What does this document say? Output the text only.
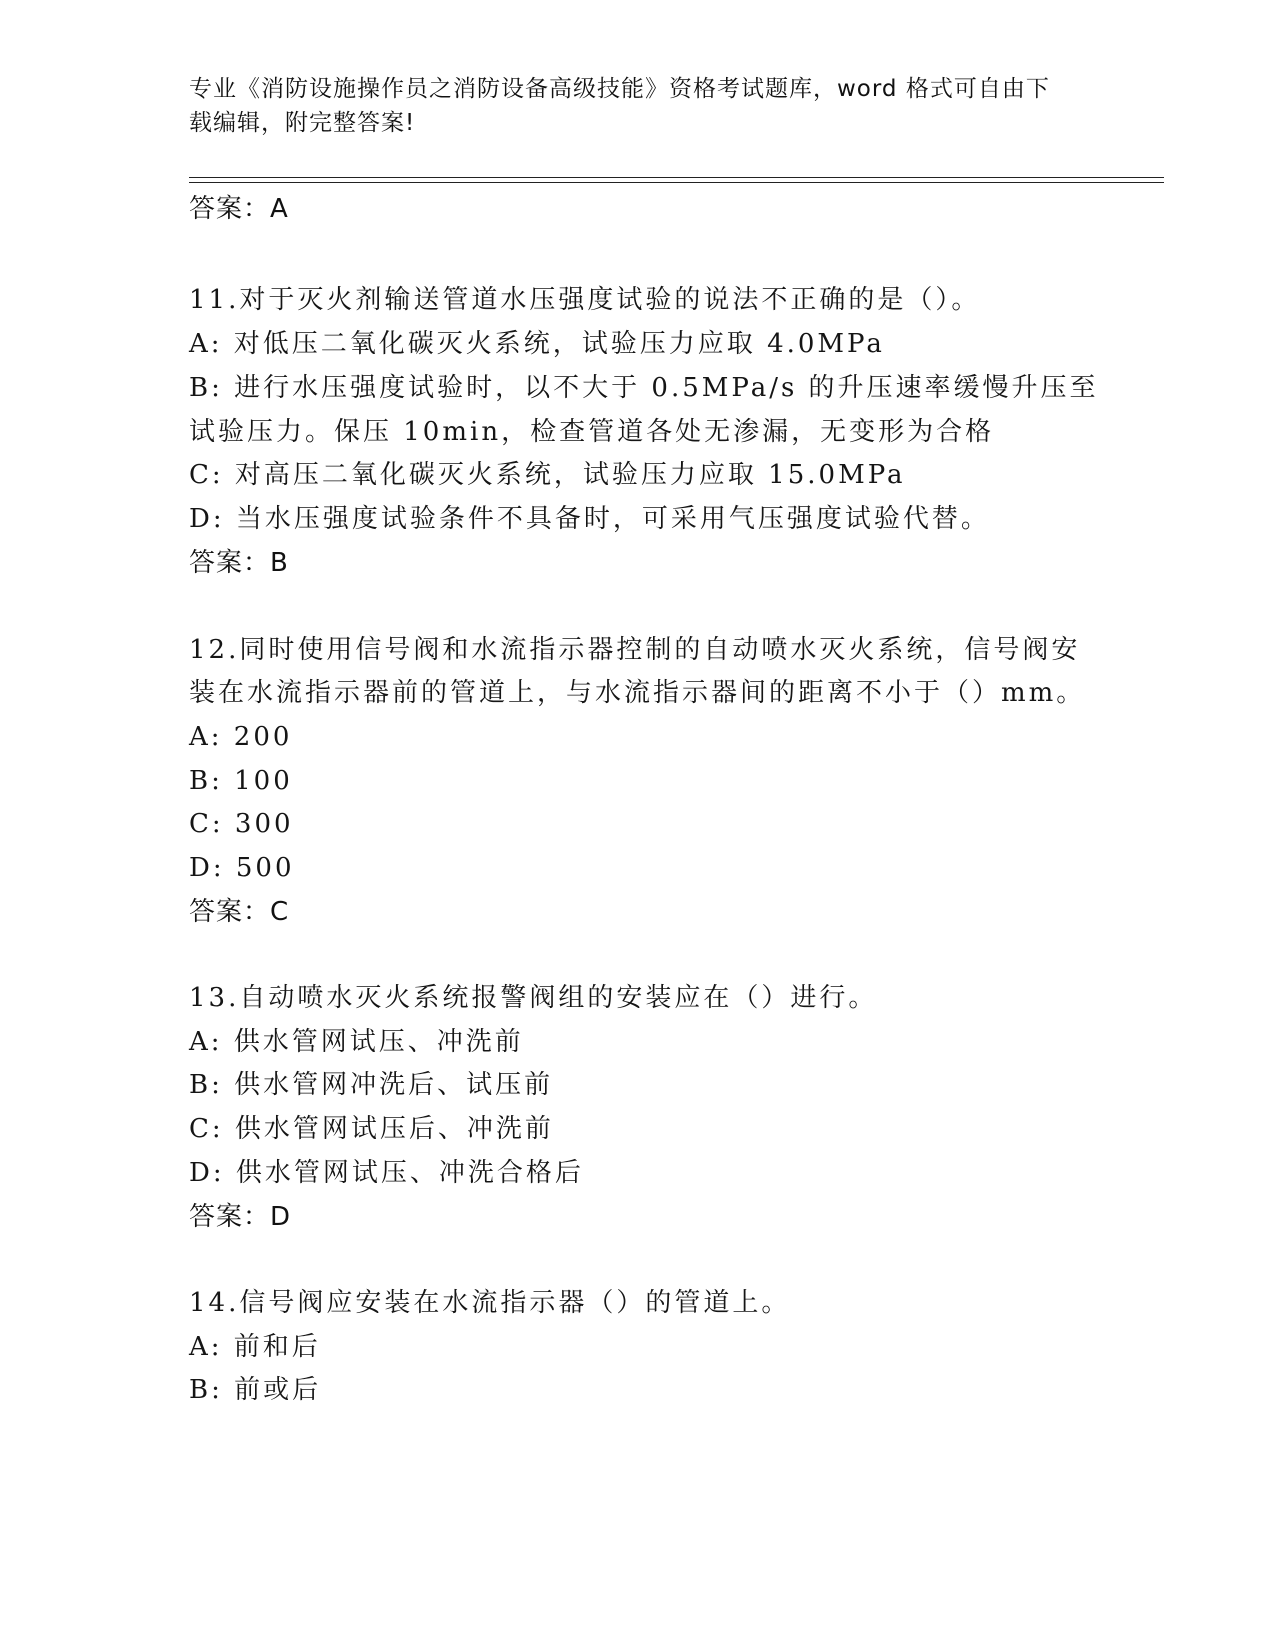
专业《消防设施操作员之消防设备高级技能》资格考试题库，word 格式可自由下
载编辑，附完整答案!
答案：A
11.对于灭火剂输送管道水压强度试验的说法不正确的是（）。
A: 对低压二氧化碳灭火系统，试验压力应取 4.0MPa
B: 进行水压强度试验时，以不大于 0.5MPa/s 的升压速率缓慢升压至
试验压力。保压 10min，检查管道各处无渗漏，无变形为合格
C: 对高压二氧化碳灭火系统，试验压力应取 15.0MPa
D: 当水压强度试验条件不具备时，可采用气压强度试验代替。
答案：B
12.同时使用信号阀和水流指示器控制的自动喷水灭火系统，信号阀安
装在水流指示器前的管道上，与水流指示器间的距离不小于（）mm。
A: 200
B: 100
C: 300
D: 500
答案：C
13.自动喷水灭火系统报警阀组的安装应在（）进行。
A: 供水管网试压、冲洗前
B: 供水管网冲洗后、试压前
C: 供水管网试压后、冲洗前
D: 供水管网试压、冲洗合格后
答案：D
14.信号阀应安装在水流指示器（）的管道上。
A: 前和后
B: 前或后
